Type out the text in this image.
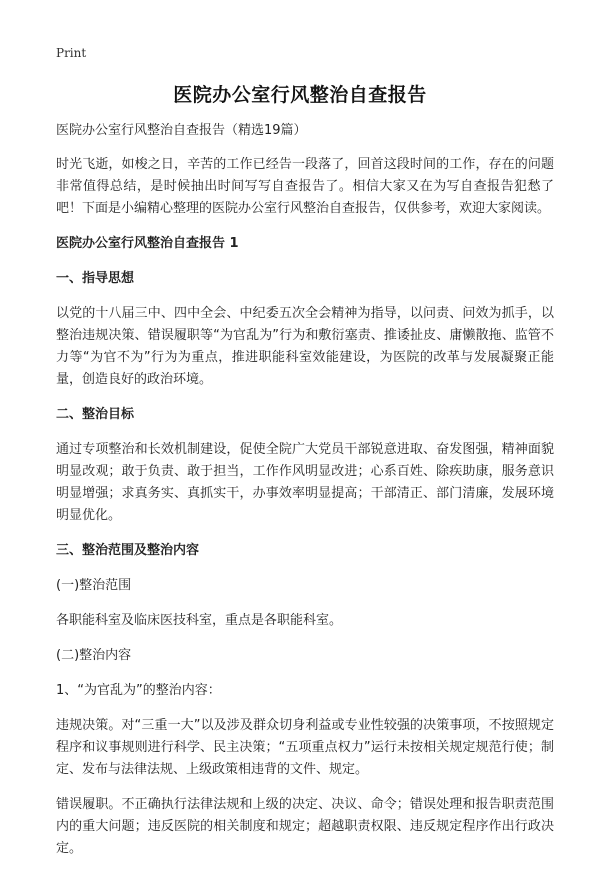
Print
医院办公室行风整治自查报告

医院办公室行风整治自查报告（精选19篇）

时光飞逝，如梭之日，辛苦的工作已经告一段落了，回首这段时间的工作，存在的问题非常值得总结，是时候抽出时间写写自查报告了。相信大家又在为写自查报告犯愁了吧！下面是小编精心整理的医院办公室行风整治自查报告，仅供参考，欢迎大家阅读。

医院办公室行风整治自查报告 1
一、指导思想

以党的十八届三中、四中全会、中纪委五次全会精神为指导，以问责、问效为抓手，以整治违规决策、错误履职等“为官乱为”行为和敷衍塞责、推诿扯皮、庸懒散拖、监管不力等“为官不为”行为为重点，推进职能科室效能建设，为医院的改革与发展凝聚正能量，创造良好的政治环境。

二、整治目标

通过专项整治和长效机制建设，促使全院广大党员干部锐意进取、奋发图强，精神面貌明显改观；敢于负责、敢于担当，工作作风明显改进；心系百姓、除疾助康，服务意识明显增强；求真务实、真抓实干，办事效率明显提高；干部清正、部门清廉，发展环境明显优化。

三、整治范围及整治内容

(一)整治范围

各职能科室及临床医技科室，重点是各职能科室。

(二)整治内容

1、“为官乱为”的整治内容：

违规决策。对“三重一大”以及涉及群众切身利益或专业性较强的决策事项，不按照规定程序和议事规则进行科学、民主决策；“五项重点权力”运行未按相关规定规范行使；制定、发布与法律法规、上级政策相违背的文件、规定。

错误履职。不正确执行法律法规和上级的决定、决议、命令；错误处理和报告职责范围内的重大问题；违反医院的相关制度和规定；超越职责权限、违反规定程序作出行政决定。
